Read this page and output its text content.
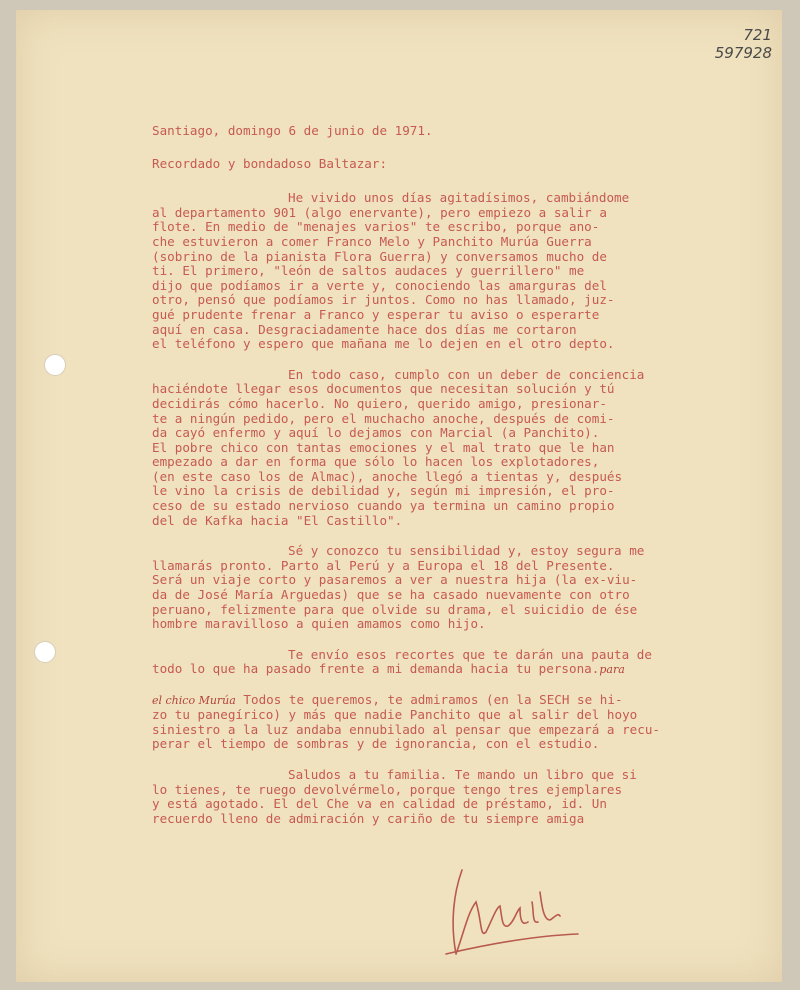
721
597928
Santiago, domingo 6 de junio de 1971.
Recordado y bondadoso Baltazar:
He vivido unos días agitadísimos, cambiándome
al departamento 901 (algo enervante), pero empiezo a salir a
flote. En medio de "menajes varios" te escribo, porque ano-
che estuvieron a comer Franco Melo y Panchito Murúa Guerra
(sobrino de la pianista Flora Guerra) y conversamos mucho de
ti. El primero, "león de saltos audaces y guerrillero" me
dijo que podíamos ir a verte y, conociendo las amarguras del
otro, pensó que podíamos ir juntos. Como no has llamado, juz-
gué prudente frenar a Franco y esperar tu aviso o esperarte
aquí en casa. Desgraciadamente hace dos días me cortaron
el teléfono y espero que mañana me lo dejen en el otro depto.
En todo caso, cumplo con un deber de conciencia
haciéndote llegar esos documentos que necesitan solución y tú
decidirás cómo hacerlo. No quiero, querido amigo, presionar-
te a ningún pedido, pero el muchacho anoche, después de comi-
da cayó enfermo y aquí lo dejamos con Marcial (a Panchito).
El pobre chico con tantas emociones y el mal trato que le han
empezado a dar en forma que sólo lo hacen los explotadores,
(en este caso los de Almac), anoche llegó a tientas y, después
le vino la crisis de debilidad y, según mi impresión, el pro-
ceso de su estado nervioso cuando ya termina un camino propio
del de Kafka hacia "El Castillo".
Sé y conozco tu sensibilidad y, estoy segura me
llamarás pronto. Parto al Perú y a Europa el 18 del Presente.
Será un viaje corto y pasaremos a ver a nuestra hija (la ex-viu-
da de José María Arguedas) que se ha casado nuevamente con otro
peruano, felizmente para que olvide su drama, el suicidio de ése
hombre maravilloso a quien amamos como hijo.
Te envío esos recortes que te darán una pauta de
todo lo que ha pasado frente a mi demanda hacia tu persona.para

el chico Murúa Todos te queremos, te admiramos (en la SECH se hi-
zo tu panegírico) y más que nadie Panchito que al salir del hoyo
siniestro a la luz andaba ennubilado al pensar que empezará a recu-
perar el tiempo de sombras y de ignorancia, con el estudio.
Saludos a tu familia. Te mando un libro que si
lo tienes, te ruego devolvérmelo, porque tengo tres ejemplares
y está agotado. El del Che va en calidad de préstamo, id. Un
recuerdo lleno de admiración y cariño de tu siempre amiga
